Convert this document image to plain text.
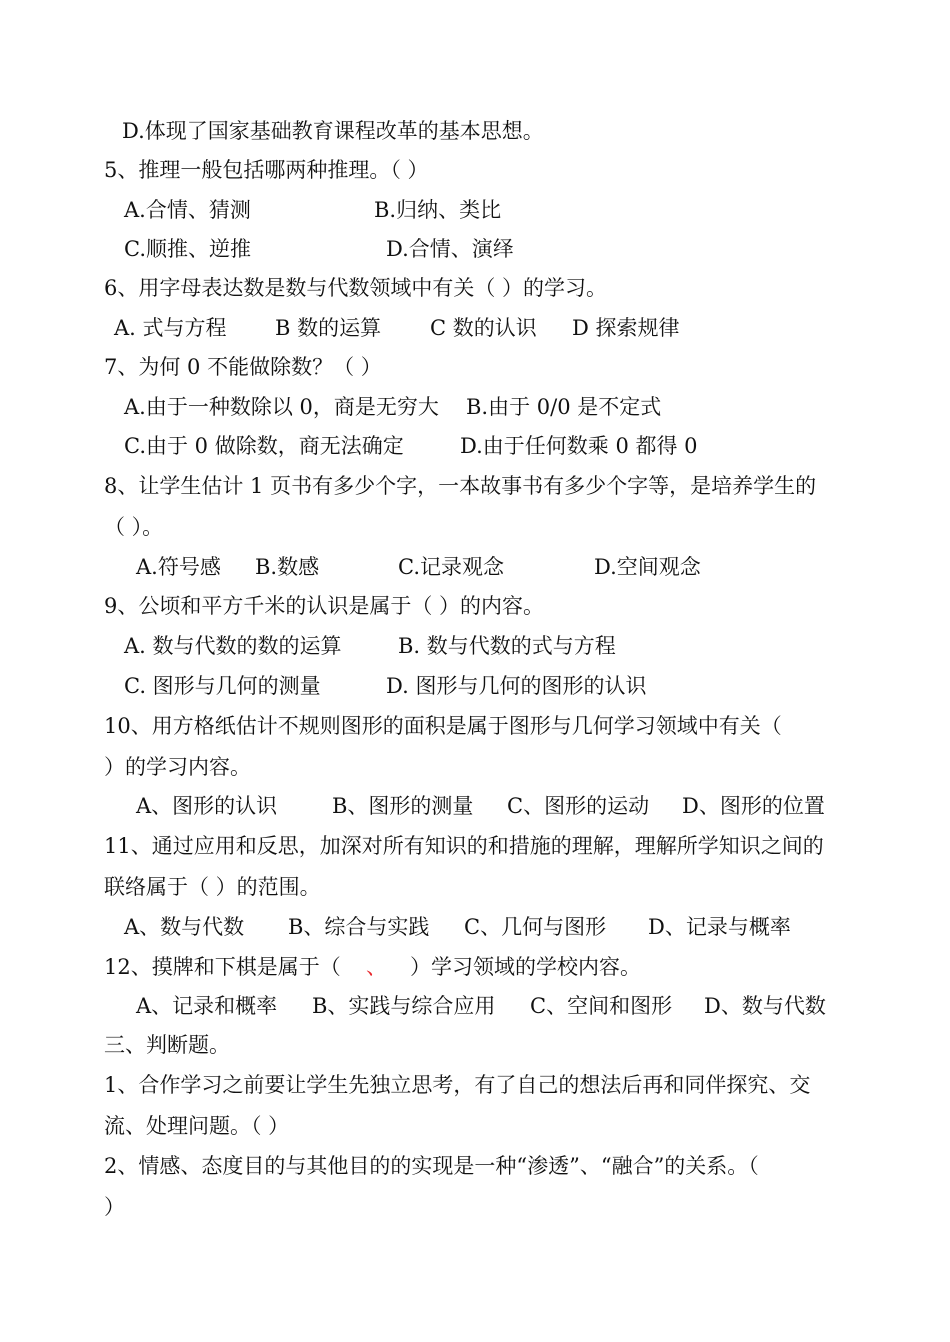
D.体现了国家基础教育课程改革的基本思想。
5、推理一般包括哪两种推理。（ ）
A.合情、猜测	B.归纳、类比
C.顺推、逆推	D.合情、演绎
6、用字母表达数是数与代数领域中有关（ ）的学习。
A. 式与方程 B 数的运算 C 数的认识 D 探索规律
7、为何 0 不能做除数？（ ）
A.由于一种数除以 0，商是无穷大 B.由于 0/0 是不定式
C.由于 0 做除数，商无法确定	D.由于任何数乘 0 都得 0
8、让学生估计 1 页书有多少个字，一本故事书有多少个字等，是培养学生的
（ ）。
A.符号感 B.数感	C.记录观念	D.空间观念
9、公顷和平方千米的认识是属于（ ）的内容。
A. 数与代数的数的运算	B. 数与代数的式与方程
C. 图形与几何的测量	D. 图形与几何的图形的认识
10、用方格纸估计不规则图形的面积是属于图形与几何学习领域中有关（
）的学习内容。
A、图形的认识	B、图形的测量 C、图形的运动 D、图形的位置
11、通过应用和反思，加深对所有知识的和措施的理解，理解所学知识之间的
联络属于（ ）的范围。
A、数与代数 B、综合与实践 C、几何与图形 D、记录与概率
12、摸牌和下棋是属于（ 、 ）学习领域的学校内容。
A、记录和概率 B、实践与综合应用 C、空间和图形 D、数与代数
三、判断题。
1、合作学习之前要让学生先独立思考，有了自己的想法后再和同伴探究、交
流、处理问题。（ ）
2、情感、态度目的与其他目的的实现是一种“渗透”、“融合”的关系。（
）
